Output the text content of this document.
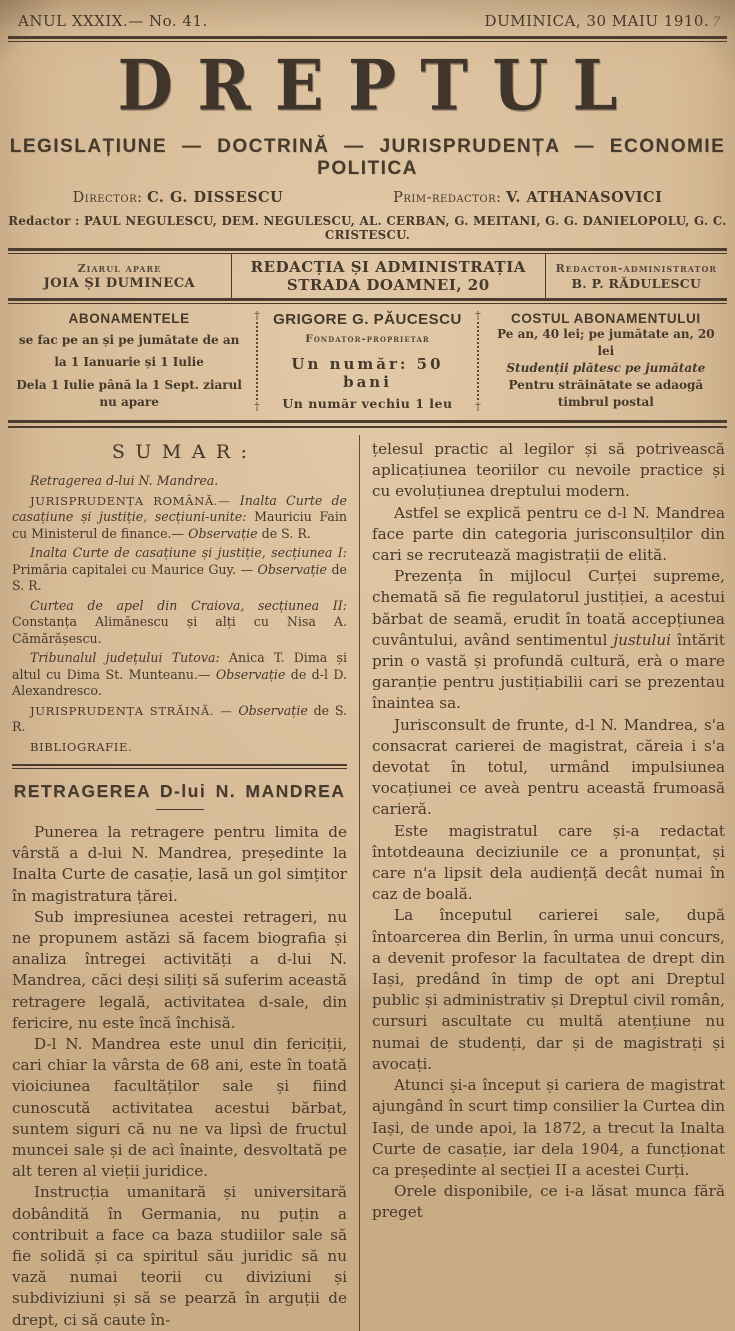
ANUL XXXIX.— No. 41.	DUMINICA, 30 MAIU 1910. 7
DREPTUL
LEGISLAȚIUNE — DOCTRINĂ — JURISPRUDENȚA — ECONOMIE POLITICA
Director: C. G. DISSESCU	Prim-redactor: V. ATHANASOVICI
Redactor : PAUL NEGULESCU, DEM. NEGULESCU, AL. CERBAN, G. MEITANI, G. G. DANIELOPOLU, G. C. CRISTESCU.
Ziarul apare
JOIA ȘI DUMINECA
REDACȚIA ȘI ADMINISTRAȚIA STRADA DOAMNEI, 20
Redactor-administrator
B. P. RĂDULESCU
ABONAMENTELE
se fac pe an și pe jumătate de an
la 1 Ianuarie și 1 Iulie
Dela 1 Iulie până la 1 Sept. ziarul nu apare
†
†
GRIGORE G. PĂUCESCU
Fondator-proprietar
Un număr: 50 bani
Un număr vechiu 1 leu
†
†
COSTUL ABONAMENTULUI
Pe an, 40 lei; pe jumătate an, 20 lei
Studenții plătesc pe jumătate
Pentru străinătate se adaogă timbrul postal
SUMAR:

Retragerea d-lui N. Mandrea.

JURISPRUDENȚA ROMÂNĂ.— Inalta Curte de casațiune și justiție, secțiuni-unite: Mauriciu Fain cu Ministerul de finance.— Observație de S. R.

Inalta Curte de casațiune și justiție, secțiunea I: Primăria capitalei cu Maurice Guy. — Observație de S. R.

Curtea de apel din Craiova, secțiunea II: Constanța Alimănescu și alți cu Nisa A. Cămărășescu.

Tribunalul județului Tutova: Anica T. Dima și altul cu Dima St. Munteanu.— Observație de d-l D. Alexandresco.

JURISPRUDENȚA STRĂINĂ. — Observație de S. R.

BIBLIOGRAFIE.

RETRAGEREA D-lui N. MANDREA

Punerea la retragere pentru limita de vârstă a d-lui N. Mandrea, președinte la Inalta Curte de casație, lasă un gol simțitor în magistratura țărei.

Sub impresiunea acestei retrageri, nu ne propunem astăzi să facem biografia și analiza întregei activități a d-lui N. Mandrea, căci deși siliți să suferim această retragere legală, activitatea d-sale, din fericire, nu este încă închisă.

D-l N. Mandrea este unul din fericiții, cari chiar la vârsta de 68 ani, este în toată vioiciunea facultăților sale și fiind cunoscută activitatea acestui bărbat, suntem siguri că nu ne va lipsì de fructul muncei sale și de acì înainte, desvoltată pe alt teren al vieții juridice.

Instrucția umanitară și universitară dobândită în Germania, nu puțin a contribuit a face ca baza studiilor sale să fie solidă și ca spiritul său juridic să nu vază numai teorii cu diviziuni și subdiviziuni și să se pearză în arguții de drept, ci să caute în-

țelesul practic al legilor și să potrivească aplicațiunea teoriilor cu nevoile practice și cu evoluțiunea dreptului modern.

Astfel se explică pentru ce d-l N. Mandrea face parte din categoria jurisconsulților din cari se recrutează magistrații de elită.

Prezența în mijlocul Curței supreme, chemată să fie regulatorul justiției, a acestui bărbat de seamă, erudit în toată accepțiunea cuvântului, având sentimentul justului întărit prin o vastă și profundă cultură, erà o mare garanție pentru justițiabilii cari se prezentau înaintea sa.

Jurisconsult de frunte, d-l N. Mandrea, s'a consacrat carierei de magistrat, căreia i s'a devotat în totul, urmând impulsiunea vocațiunei ce aveà pentru această frumoasă carieră.

Este magistratul care și-a redactat întotdeauna deciziunile ce a pronunțat, și care n'a lipsit dela audiență decât numai în caz de boală.

La începutul carierei sale, după întoarcerea din Berlin, în urma unui concurs, a devenit profesor la facultatea de drept din Iași, predând în timp de opt ani Dreptul public și administrativ și Dreptul civil român, cursuri ascultate cu multă atențiune nu numai de studenți, dar și de magistrați și avocați.

Atunci și-a început și cariera de magistrat ajungând în scurt timp consilier la Curtea din Iași, de unde apoi, la 1872, a trecut la Inalta Curte de casație, iar dela 1904, a funcționat ca președinte al secției II a acestei Curți.

Orele disponibile, ce i-a lăsat munca fără preget
